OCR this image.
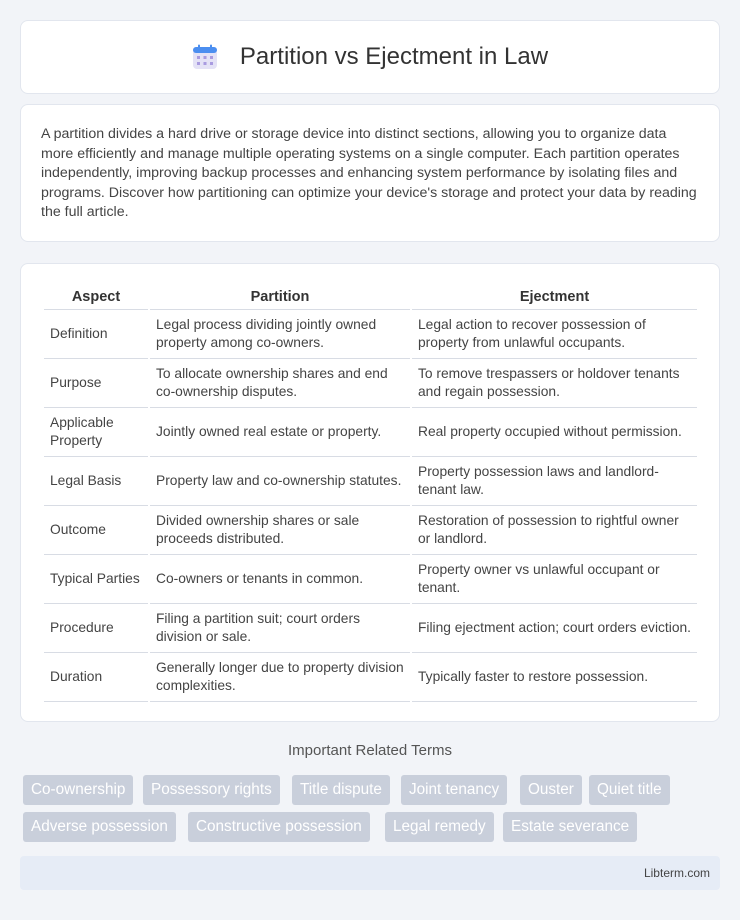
Partition vs Ejectment in Law

A partition divides a hard drive or storage device into distinct sections, allowing you to organize data more efficiently and manage multiple operating systems on a single computer. Each partition operates independently, improving backup processes and enhancing system performance by isolating files and programs. Discover how partitioning can optimize your device's storage and protect your data by reading the full article.

Aspect	Partition	Ejectment
Definition	Legal process dividing jointly owned property among co-owners.	Legal action to recover possession of property from unlawful occupants.
Purpose	To allocate ownership shares and end co-ownership disputes.	To remove trespassers or holdover tenants and regain possession.
Applicable Property	Jointly owned real estate or property.	Real property occupied without permission.
Legal Basis	Property law and co-ownership statutes.	Property possession laws and landlord-tenant law.
Outcome	Divided ownership shares or sale proceeds distributed.	Restoration of possession to rightful owner or landlord.
Typical Parties	Co-owners or tenants in common.	Property owner vs unlawful occupant or tenant.
Procedure	Filing a partition suit; court orders division or sale.	Filing ejectment action; court orders eviction.
Duration	Generally longer due to property division complexities.	Typically faster to restore possession.
Important Related Terms
Co-ownership	Possessory rights	Title dispute	Joint tenancy	Ouster	Quiet title
Adverse possession	Constructive possession	Legal remedy	Estate severance
Libterm.com
